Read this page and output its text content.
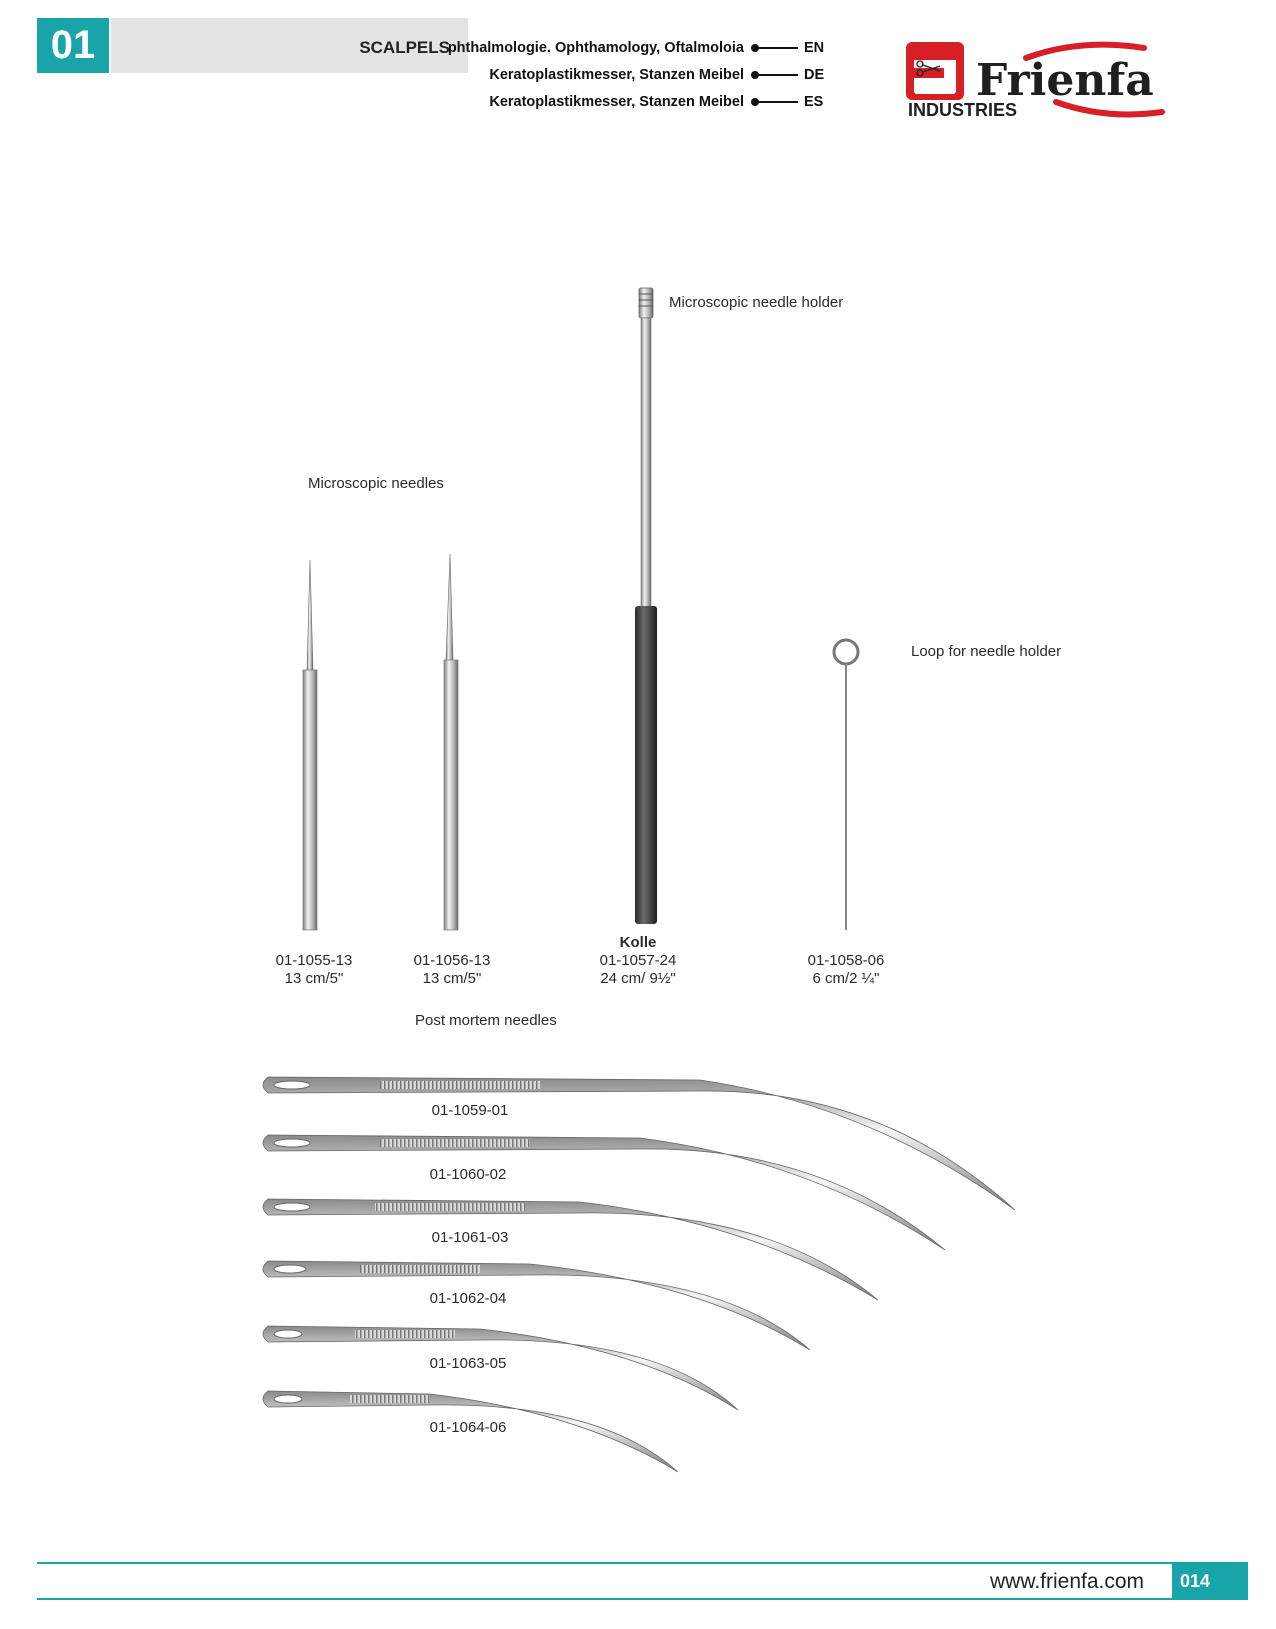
01	SCALPELS
phthalmologie. Ophthamology, Oftalmoloia	EN
Keratoplastikmesser, Stanzen Meibel	DE
Keratoplastikmesser, Stanzen Meibel	ES	Frienfa
INDUSTRIES
Microscopic needle holder
Microscopic needles
Loop for needle holder
Post mortem needles
01-1055-13
13 cm/5"
01-1056-13
13 cm/5"
Kolle
01-1057-24
24 cm/ 9½"
01-1058-06
6 cm/2 ¼"
01-1059-01
01-1060-02
01-1061-03
01-1062-04
01-1063-05
01-1064-06
www.frienfa.com	014
